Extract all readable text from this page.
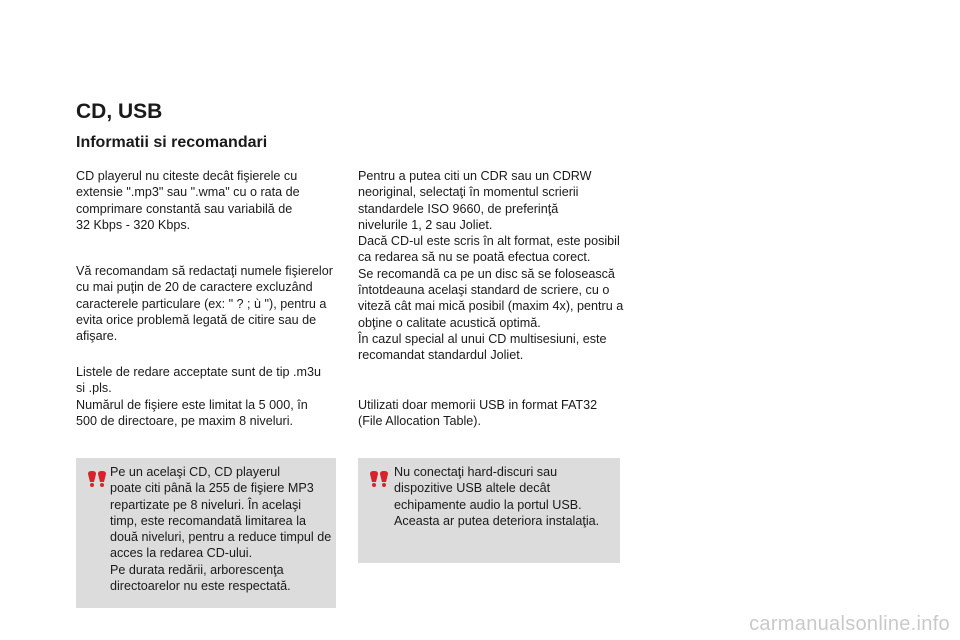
CD, USB
Informatii si recomandari
CD playerul nu citeste decât fişierele cu
extensie ".mp3" sau ".wma" cu o rata de
comprimare constantă sau variabilă de
32 Kbps - 320 Kbps.
Vă recomandam să redactaţi numele fişierelor
cu mai puţin de 20 de caractere excluzând
caracterele particulare (ex: " ? ; ù "), pentru a
evita orice problemă legată de citire sau de
afişare.
Listele de redare acceptate sunt de tip .m3u
si .pls.
Numărul de fişiere este limitat la 5 000, în
500 de directoare, pe maxim 8 niveluri.
Pentru a putea citi un CDR sau un CDRW
neoriginal, selectaţi în momentul scrierii
standardele ISO 9660, de preferinţă
nivelurile 1, 2 sau Joliet.
Dacă CD-ul este scris în alt format, este posibil
ca redarea să nu se poată efectua corect.
Se recomandă ca pe un disc să se folosească
întotdeauna acelaşi standard de scriere, cu o
viteză cât mai mică posibil (maxim 4x), pentru a
obţine o calitate acustică optimă.
În cazul special al unui CD multisesiuni, este
recomandat standardul Joliet.
Utilizati doar memorii USB in format FAT32
(File Allocation Table).
Pe un acelaşi CD, CD playerul
poate citi până la 255 de fişiere MP3
repartizate pe 8 niveluri. În acelaşi
timp, este recomandată limitarea la
două niveluri, pentru a reduce timpul de
acces la redarea CD-ului.
Pe durata redării, arborescenţa
directoarelor nu este respectată.
Nu conectaţi hard-discuri sau
dispozitive USB altele decât
echipamente audio la portul USB.
Aceasta ar putea deteriora instalaţia.
carmanualsonline.info
